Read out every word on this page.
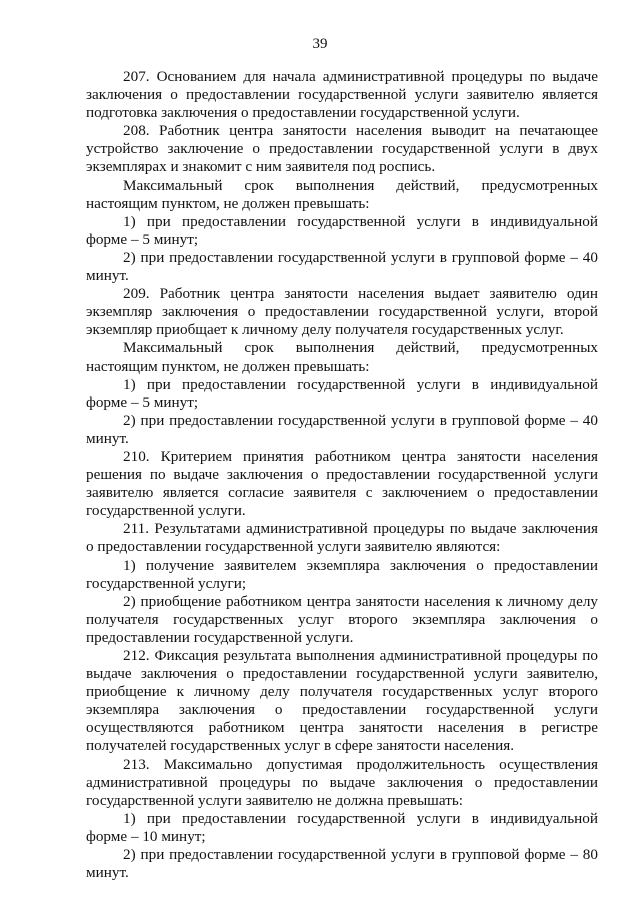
39

207. Основанием для начала административной процедуры по выдаче заключения о предоставлении государственной услуги заявителю является подготовка заключения о предоставлении государственной услуги.

208. Работник центра занятости населения выводит на печатающее устройство заключение о предоставлении государственной услуги в двух экземплярах и знакомит с ним заявителя под роспись.

Максимальный срок выполнения действий, предусмотренных настоящим пунктом, не должен превышать:

1) при предоставлении государственной услуги в индивидуальной форме – 5 минут;

2) при предоставлении государственной услуги в групповой форме – 40 минут.

209. Работник центра занятости населения выдает заявителю один экземпляр заключения о предоставлении государственной услуги, второй экземпляр приобщает к личному делу получателя государственных услуг.

Максимальный срок выполнения действий, предусмотренных настоящим пунктом, не должен превышать:

1) при предоставлении государственной услуги в индивидуальной форме – 5 минут;

2) при предоставлении государственной услуги в групповой форме – 40 минут.

210. Критерием принятия работником центра занятости населения решения по выдаче заключения о предоставлении государственной услуги заявителю является согласие заявителя с заключением о предоставлении государственной услуги.

211. Результатами административной процедуры по выдаче заключения о предоставлении государственной услуги заявителю являются:

1) получение заявителем экземпляра заключения о предоставлении государственной услуги;

2) приобщение работником центра занятости населения к личному делу получателя государственных услуг второго экземпляра заключения о предоставлении государственной услуги.

212. Фиксация результата выполнения административной процедуры по выдаче заключения о предоставлении государственной услуги заявителю, приобщение к личному делу получателя государственных услуг второго экземпляра заключения о предоставлении государственной услуги осуществляются работником центра занятости населения в регистре получателей государственных услуг в сфере занятости населения.

213. Максимально допустимая продолжительность осуществления административной процедуры по выдаче заключения о предоставлении государственной услуги заявителю не должна превышать:

1) при предоставлении государственной услуги в индивидуальной форме – 10 минут;

2) при предоставлении государственной услуги в групповой форме – 80 минут.
